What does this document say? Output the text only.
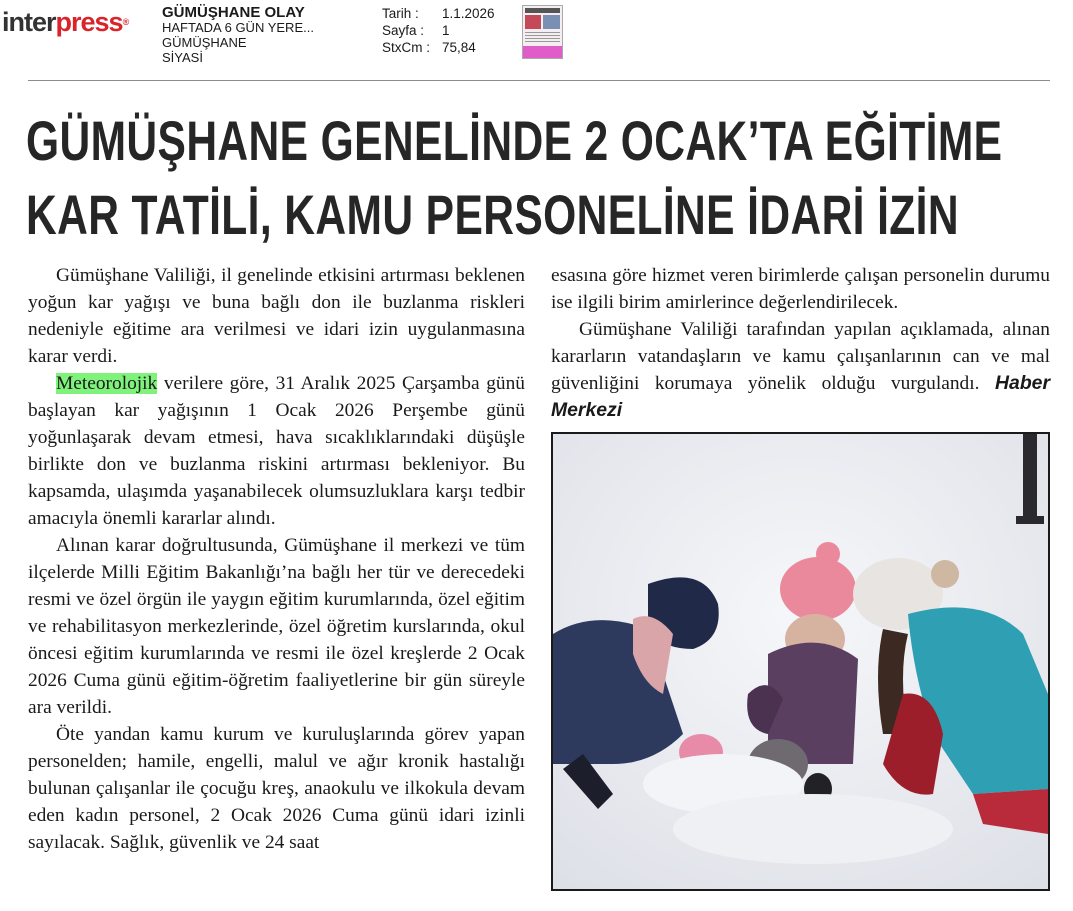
interpress®
GÜMÜŞHANE OLAY
HAFTADA 6 GÜN YERE...
GÜMÜŞHANE
SİYASİ
Tarih :	1.1.2026
Sayfa :	1
StxCm : 75,84
GÜMÜŞHANE GENELİNDE 2 OCAK’TA EĞİTİME
KAR TATİLİ, KAMU PERSONELİNE İDARİ İZİN

Gümüşhane Valiliği, il genelinde etkisini artırması beklenen yoğun kar yağışı ve buna bağlı don ile buzlanma riskleri nedeniyle eğitime ara verilmesi ve idari izin uygulanmasına karar verdi.

Meteorolojik verilere göre, 31 Aralık 2025 Çarşamba günü başlayan kar yağışının 1 Ocak 2026 Perşembe günü yoğunlaşarak devam etmesi, hava sıcaklıklarındaki düşüşle birlikte don ve buzlanma riskini artırması bekleniyor. Bu kapsamda, ulaşımda yaşanabilecek olumsuzluklara karşı tedbir amacıyla önemli kararlar alındı.

Alınan karar doğrultusunda, Gümüşhane il merkezi ve tüm ilçelerde Milli Eğitim Bakanlığı’na bağlı her tür ve derecedeki resmi ve özel örgün ile yaygın eğitim kurumlarında, özel eğitim ve rehabilitasyon merkezlerinde, özel öğretim kurslarında, okul öncesi eğitim kurumlarında ve resmi ile özel kreşlerde 2 Ocak 2026 Cuma günü eğitim-öğretim faaliyetlerine bir gün süreyle ara verildi.

Öte yandan kamu kurum ve kuruluşlarında görev yapan personelden; hamile, engelli, malul ve ağır kronik hastalığı bulunan çalışanlar ile çocuğu kreş, anaokulu ve ilkokula devam eden kadın personel, 2 Ocak 2026 Cuma günü idari izinli sayılacak. Sağlık, güvenlik ve 24 saat

esasına göre hizmet veren birimlerde çalışan personelin durumu ise ilgili birim amirlerince değerlendirilecek.

Gümüşhane Valiliği tarafından yapılan açıklamada, alınan kararların vatandaşların ve kamu çalışanlarının can ve mal güvenliğini korumaya yönelik olduğu vurgulandı. Haber Merkezi
